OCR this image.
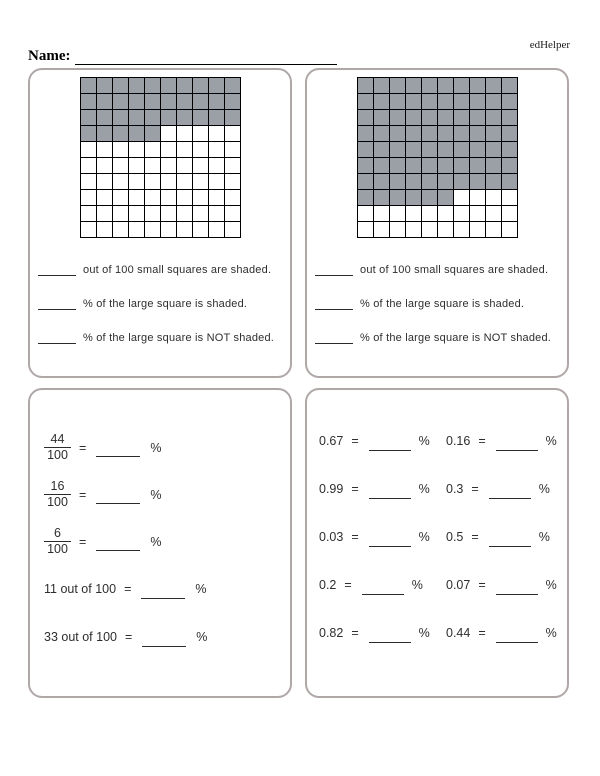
edHelper
Name:
out of 100 small squares are shaded.
% of the large square is shaded.
% of the large square is NOT shaded.
out of 100 small squares are shaded.
% of the large square is shaded.
% of the large square is NOT shaded.
$\frac{44}{100}$ =	%
$\frac{16}{100}$ =	%
$\frac{6}{100}$ =	%
11 out of 100 =	%
33 out of 100 =	%
0.67 =	% 0.16 =	%
0.99 =	% 0.3 =	%
0.03 =	% 0.5 =	%
0.2 =	% 0.07 =	%
0.82 =	% 0.44 =	%
